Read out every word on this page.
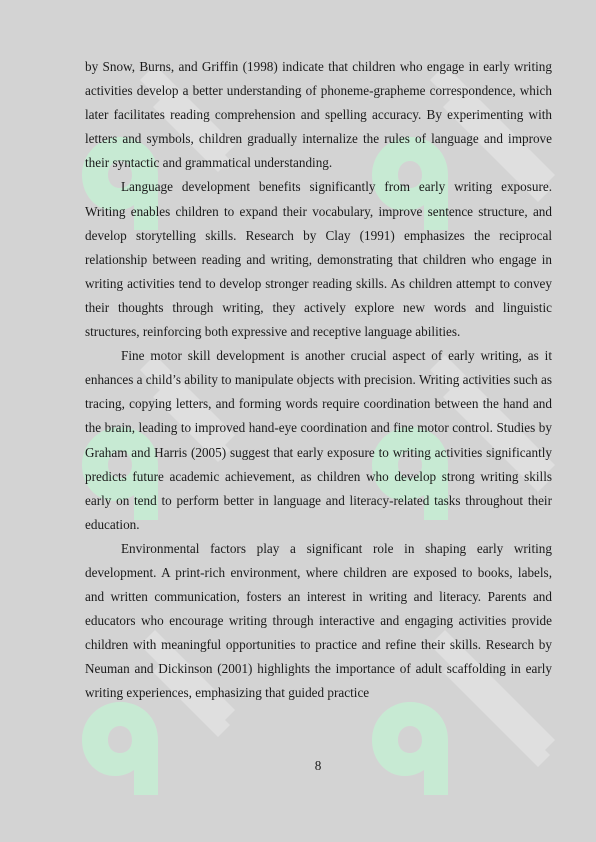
by Snow, Burns, and Griffin (1998) indicate that children who engage in early writing activities develop a better understanding of phoneme-grapheme correspondence, which later facilitates reading comprehension and spelling accuracy. By experimenting with letters and symbols, children gradually internalize the rules of language and improve their syntactic and grammatical understanding.

Language development benefits significantly from early writing exposure. Writing enables children to expand their vocabulary, improve sentence structure, and develop storytelling skills. Research by Clay (1991) emphasizes the reciprocal relationship between reading and writing, demonstrating that children who engage in writing activities tend to develop stronger reading skills. As children attempt to convey their thoughts through writing, they actively explore new words and linguistic structures, reinforcing both expressive and receptive language abilities.

Fine motor skill development is another crucial aspect of early writing, as it enhances a child’s ability to manipulate objects with precision. Writing activities such as tracing, copying letters, and forming words require coordination between the hand and the brain, leading to improved hand-eye coordination and fine motor control. Studies by Graham and Harris (2005) suggest that early exposure to writing activities significantly predicts future academic achievement, as children who develop strong writing skills early on tend to perform better in language and literacy-related tasks throughout their education.

Environmental factors play a significant role in shaping early writing development. A print-rich environment, where children are exposed to books, labels, and written communication, fosters an interest in writing and literacy. Parents and educators who encourage writing through interactive and engaging activities provide children with meaningful opportunities to practice and refine their skills. Research by Neuman and Dickinson (2001) highlights the importance of adult scaffolding in early writing experiences, emphasizing that guided practice

8
